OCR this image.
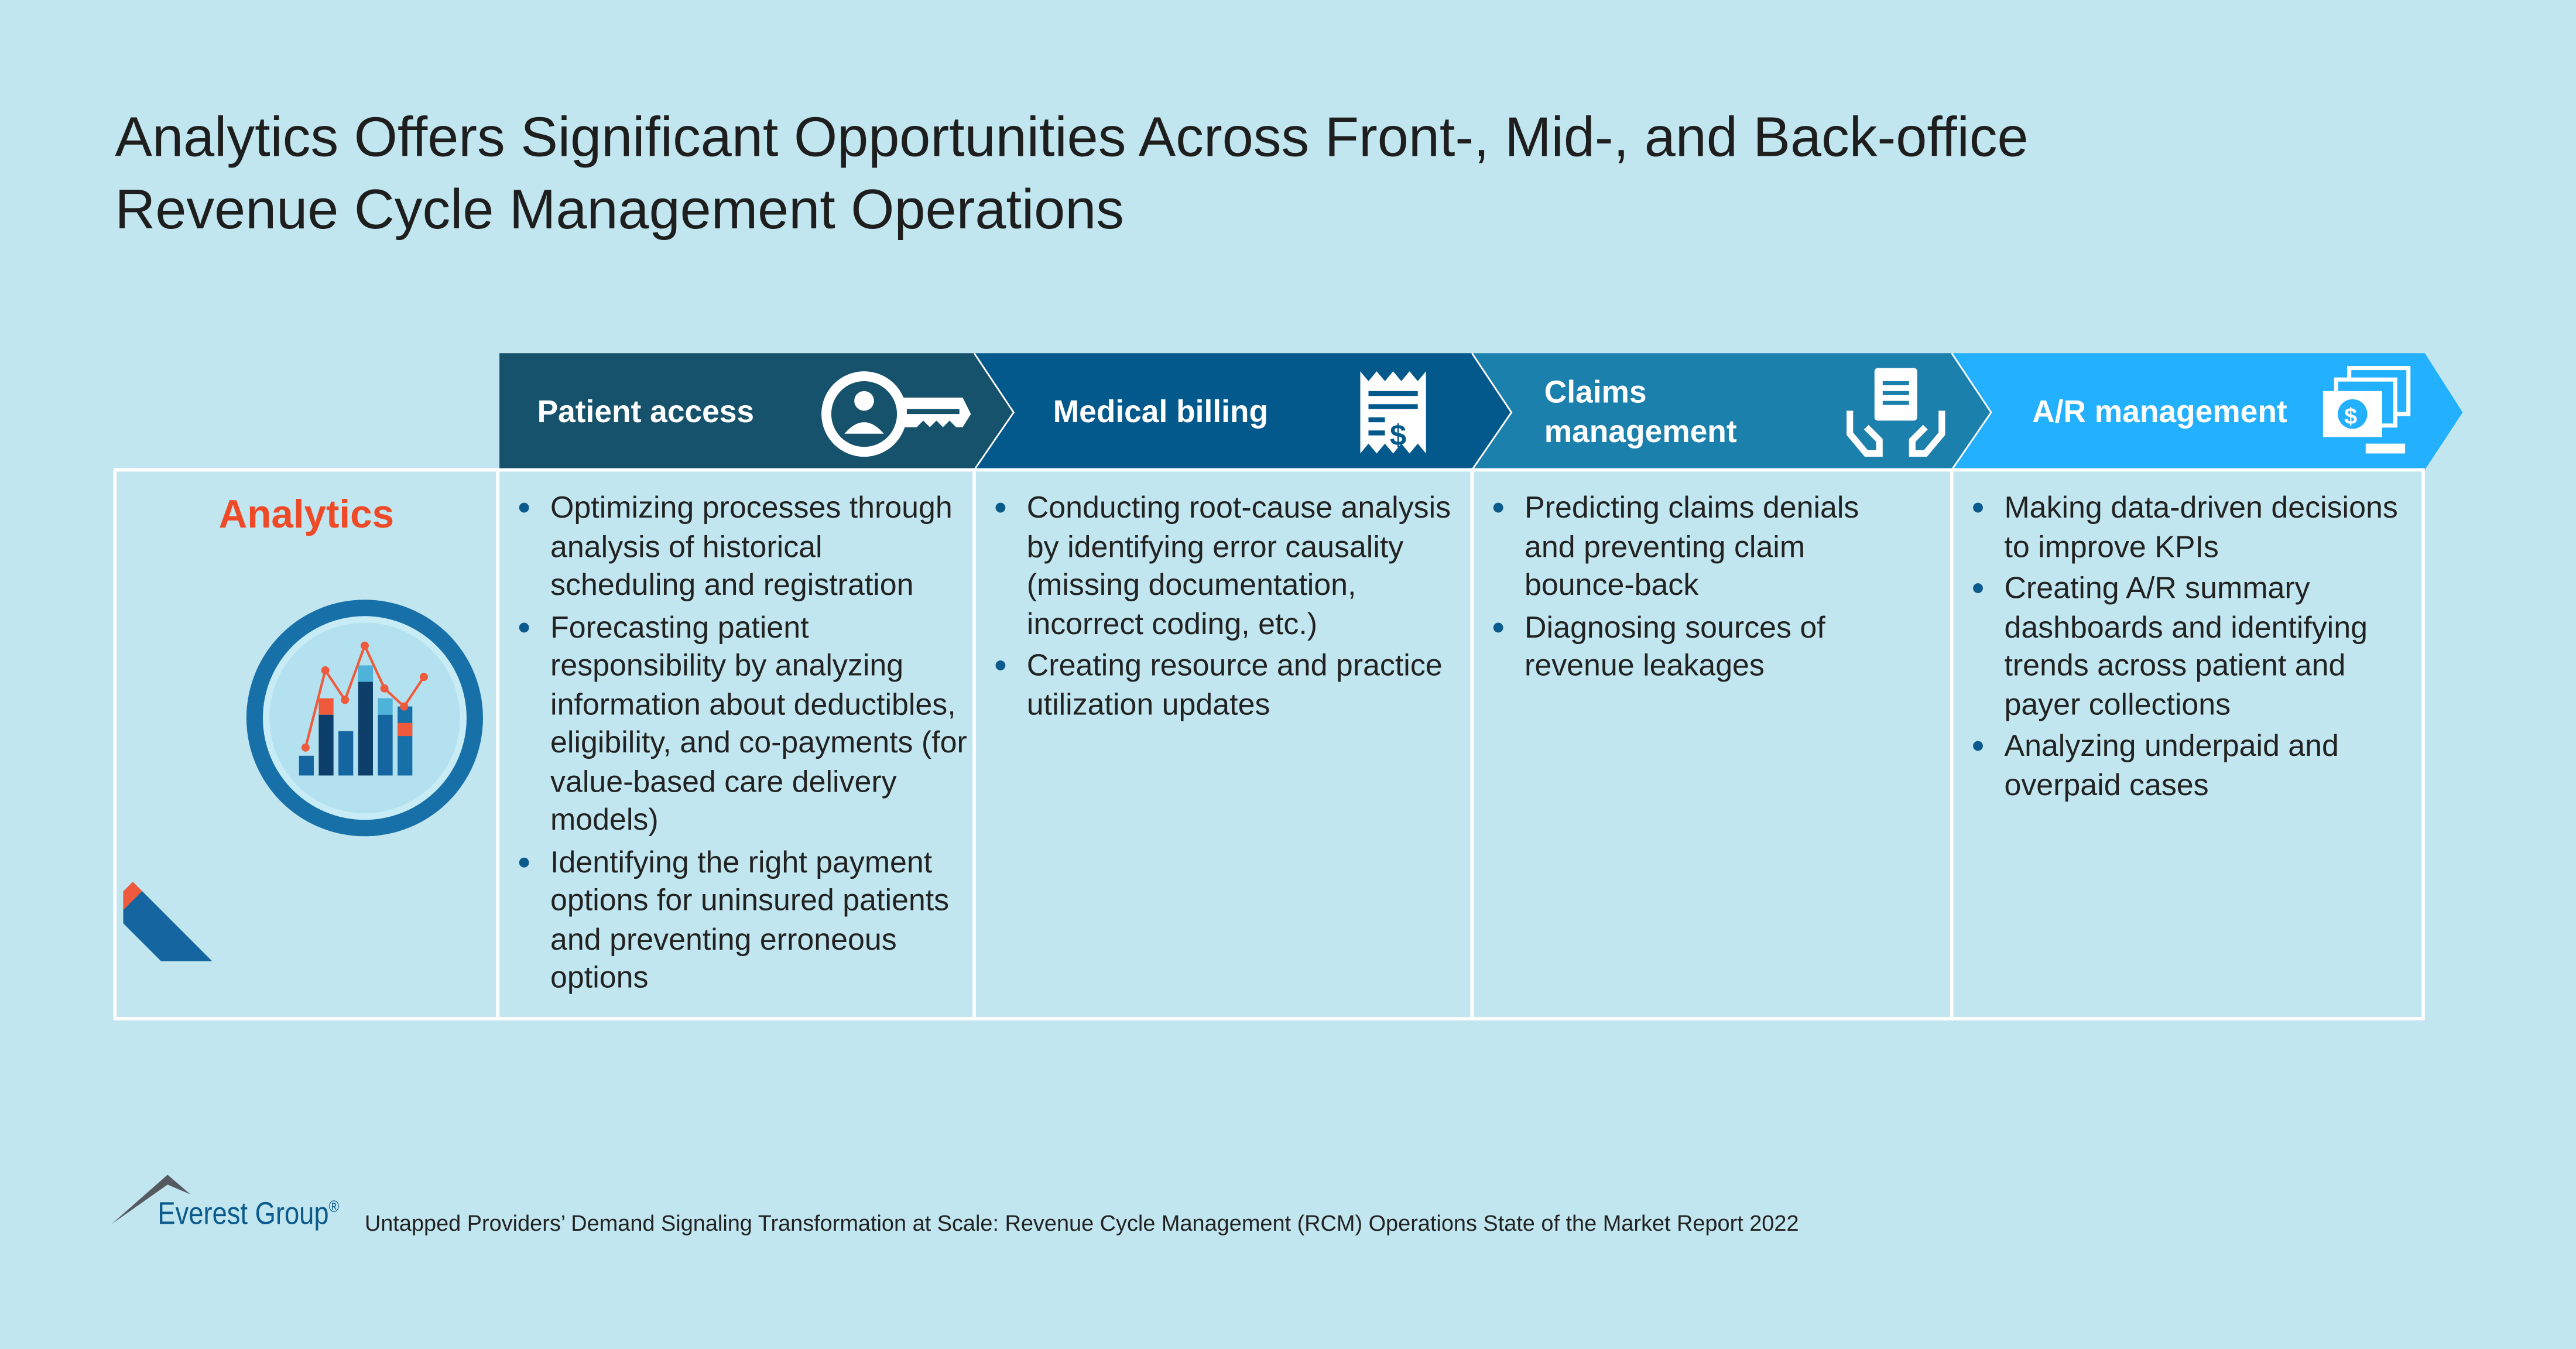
Analytics Offers Significant Opportunities Across Front-, Mid-, and Back-office
Revenue Cycle Management Operations
$
$
Patient access	Medical billing
Claims
management
A/R management
Analytics	Optimizing processes through analysis of historical scheduling and registration
Forecasting patient responsibility by analyzing information about deductibles, eligibility, and co-payments (for value-based care delivery models)
Identifying the right payment options for uninsured patients and preventing erroneous options
Conducting root-cause analysis by identifying error causality (missing documentation, incorrect coding, etc.)
Creating resource and practice utilization updates
Predicting claims denials and preventing claim bounce-back
Diagnosing sources of revenue leakages
Making data-driven decisions to improve KPIs
Creating A/R summary dashboards and identifying trends across patient and payer collections
Analyzing underpaid and overpaid cases
Everest Group®
Untapped Providers’ Demand Signaling Transformation at Scale: Revenue Cycle Management (RCM) Operations State of the Market Report 2022
